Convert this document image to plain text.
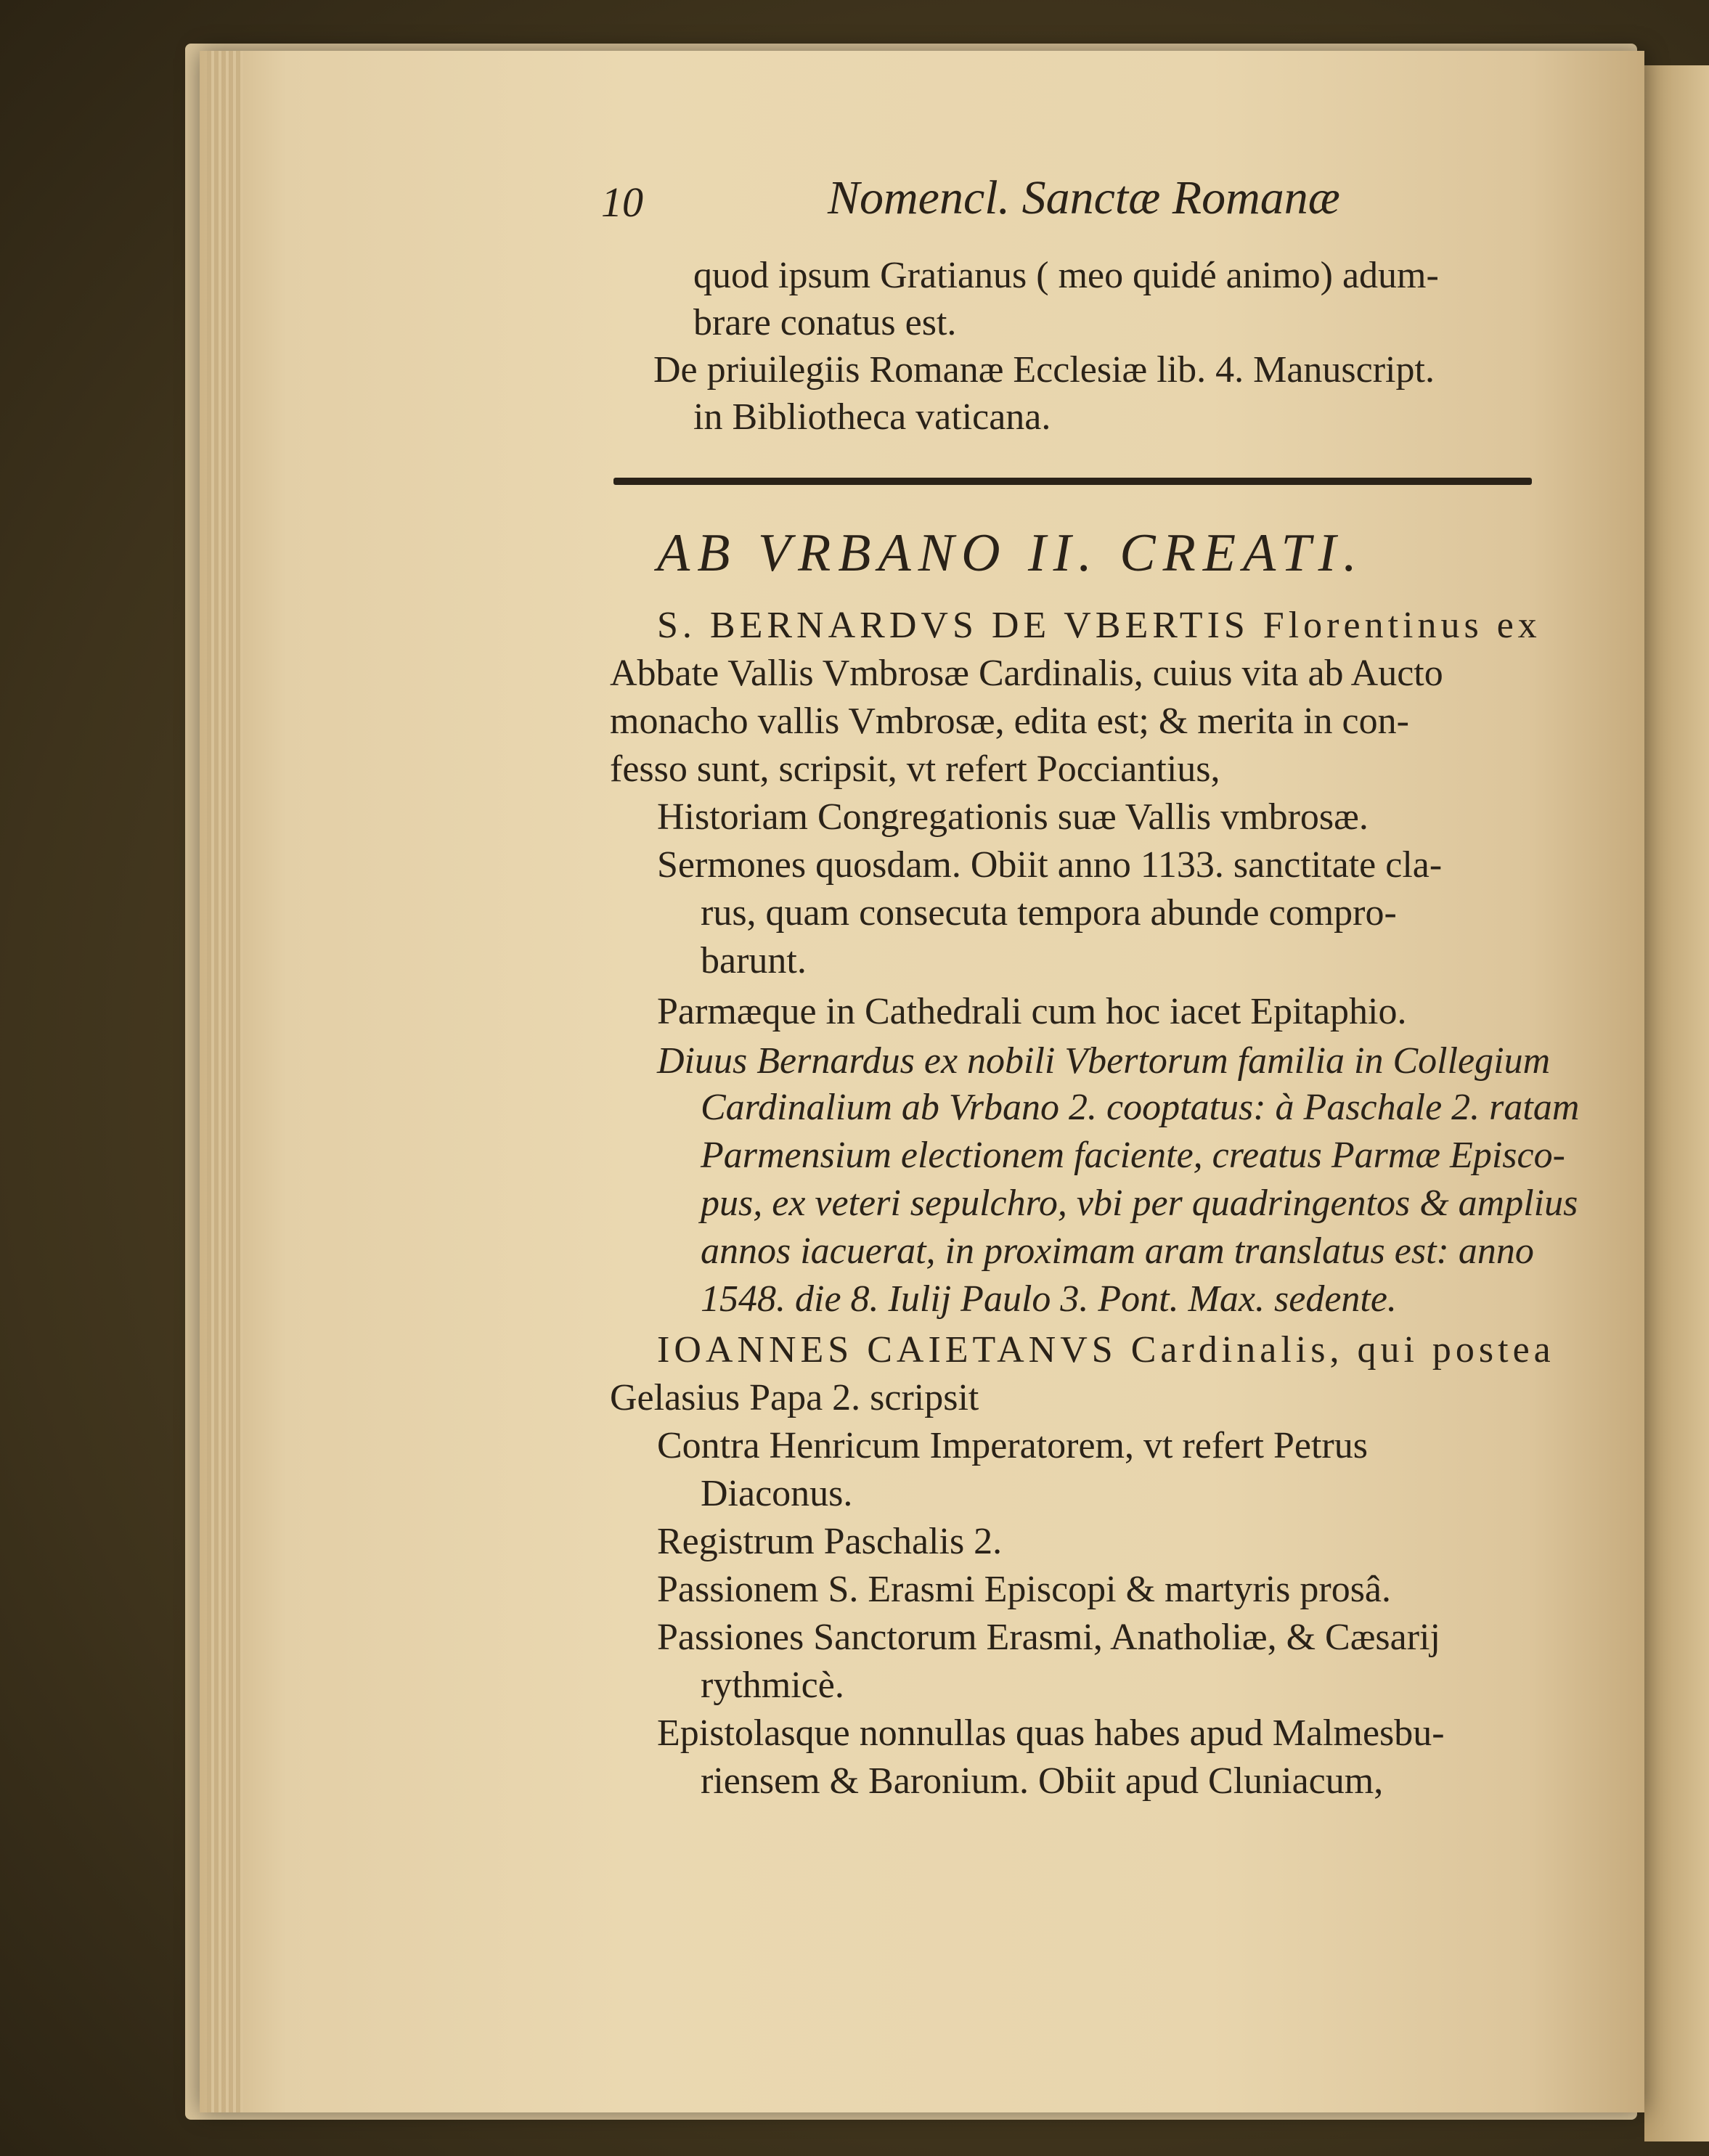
10	Nomencl. Sanctæ Romanæ
quod ipsum Gratianus ( meo quidé animo) adum-
brare conatus est.
De priuilegiis Romanæ Ecclesiæ lib. 4. Manuscript.
in Bibliotheca vaticana.
AB VRBANO II. CREATI.
S. BERNARDVS DE VBERTIS Florentinus ex
Abbate Vallis Vmbrosæ Cardinalis, cuius vita ab Aucto
monacho vallis Vmbrosæ, edita est; & merita in con-
fesso sunt, scripsit, vt refert Pocciantius,
Historiam Congregationis suæ Vallis vmbrosæ.
Sermones quosdam. Obiit anno 1133. sanctitate cla-
rus, quam consecuta tempora abunde compro-
barunt.
Parmæque in Cathedrali cum hoc iacet Epitaphio.
Diuus Bernardus ex nobili Vbertorum familia in Collegium
Cardinalium ab Vrbano 2. cooptatus: à Paschale 2. ratam
Parmensium electionem faciente, creatus Parmæ Episco-
pus, ex veteri sepulchro, vbi per quadringentos & amplius
annos iacuerat, in proximam aram translatus est: anno
1548. die 8. Iulij Paulo 3. Pont. Max. sedente.
IOANNES CAIETANVS Cardinalis, qui postea
Gelasius Papa 2. scripsit
Contra Henricum Imperatorem, vt refert Petrus
Diaconus.
Registrum Paschalis 2.
Passionem S. Erasmi Episcopi & martyris prosâ.
Passiones Sanctorum Erasmi, Anatholiæ, & Cæsarij
rythmicè.
Epistolasque nonnullas quas habes apud Malmesbu-
riensem & Baronium. Obiit apud Cluniacum,
